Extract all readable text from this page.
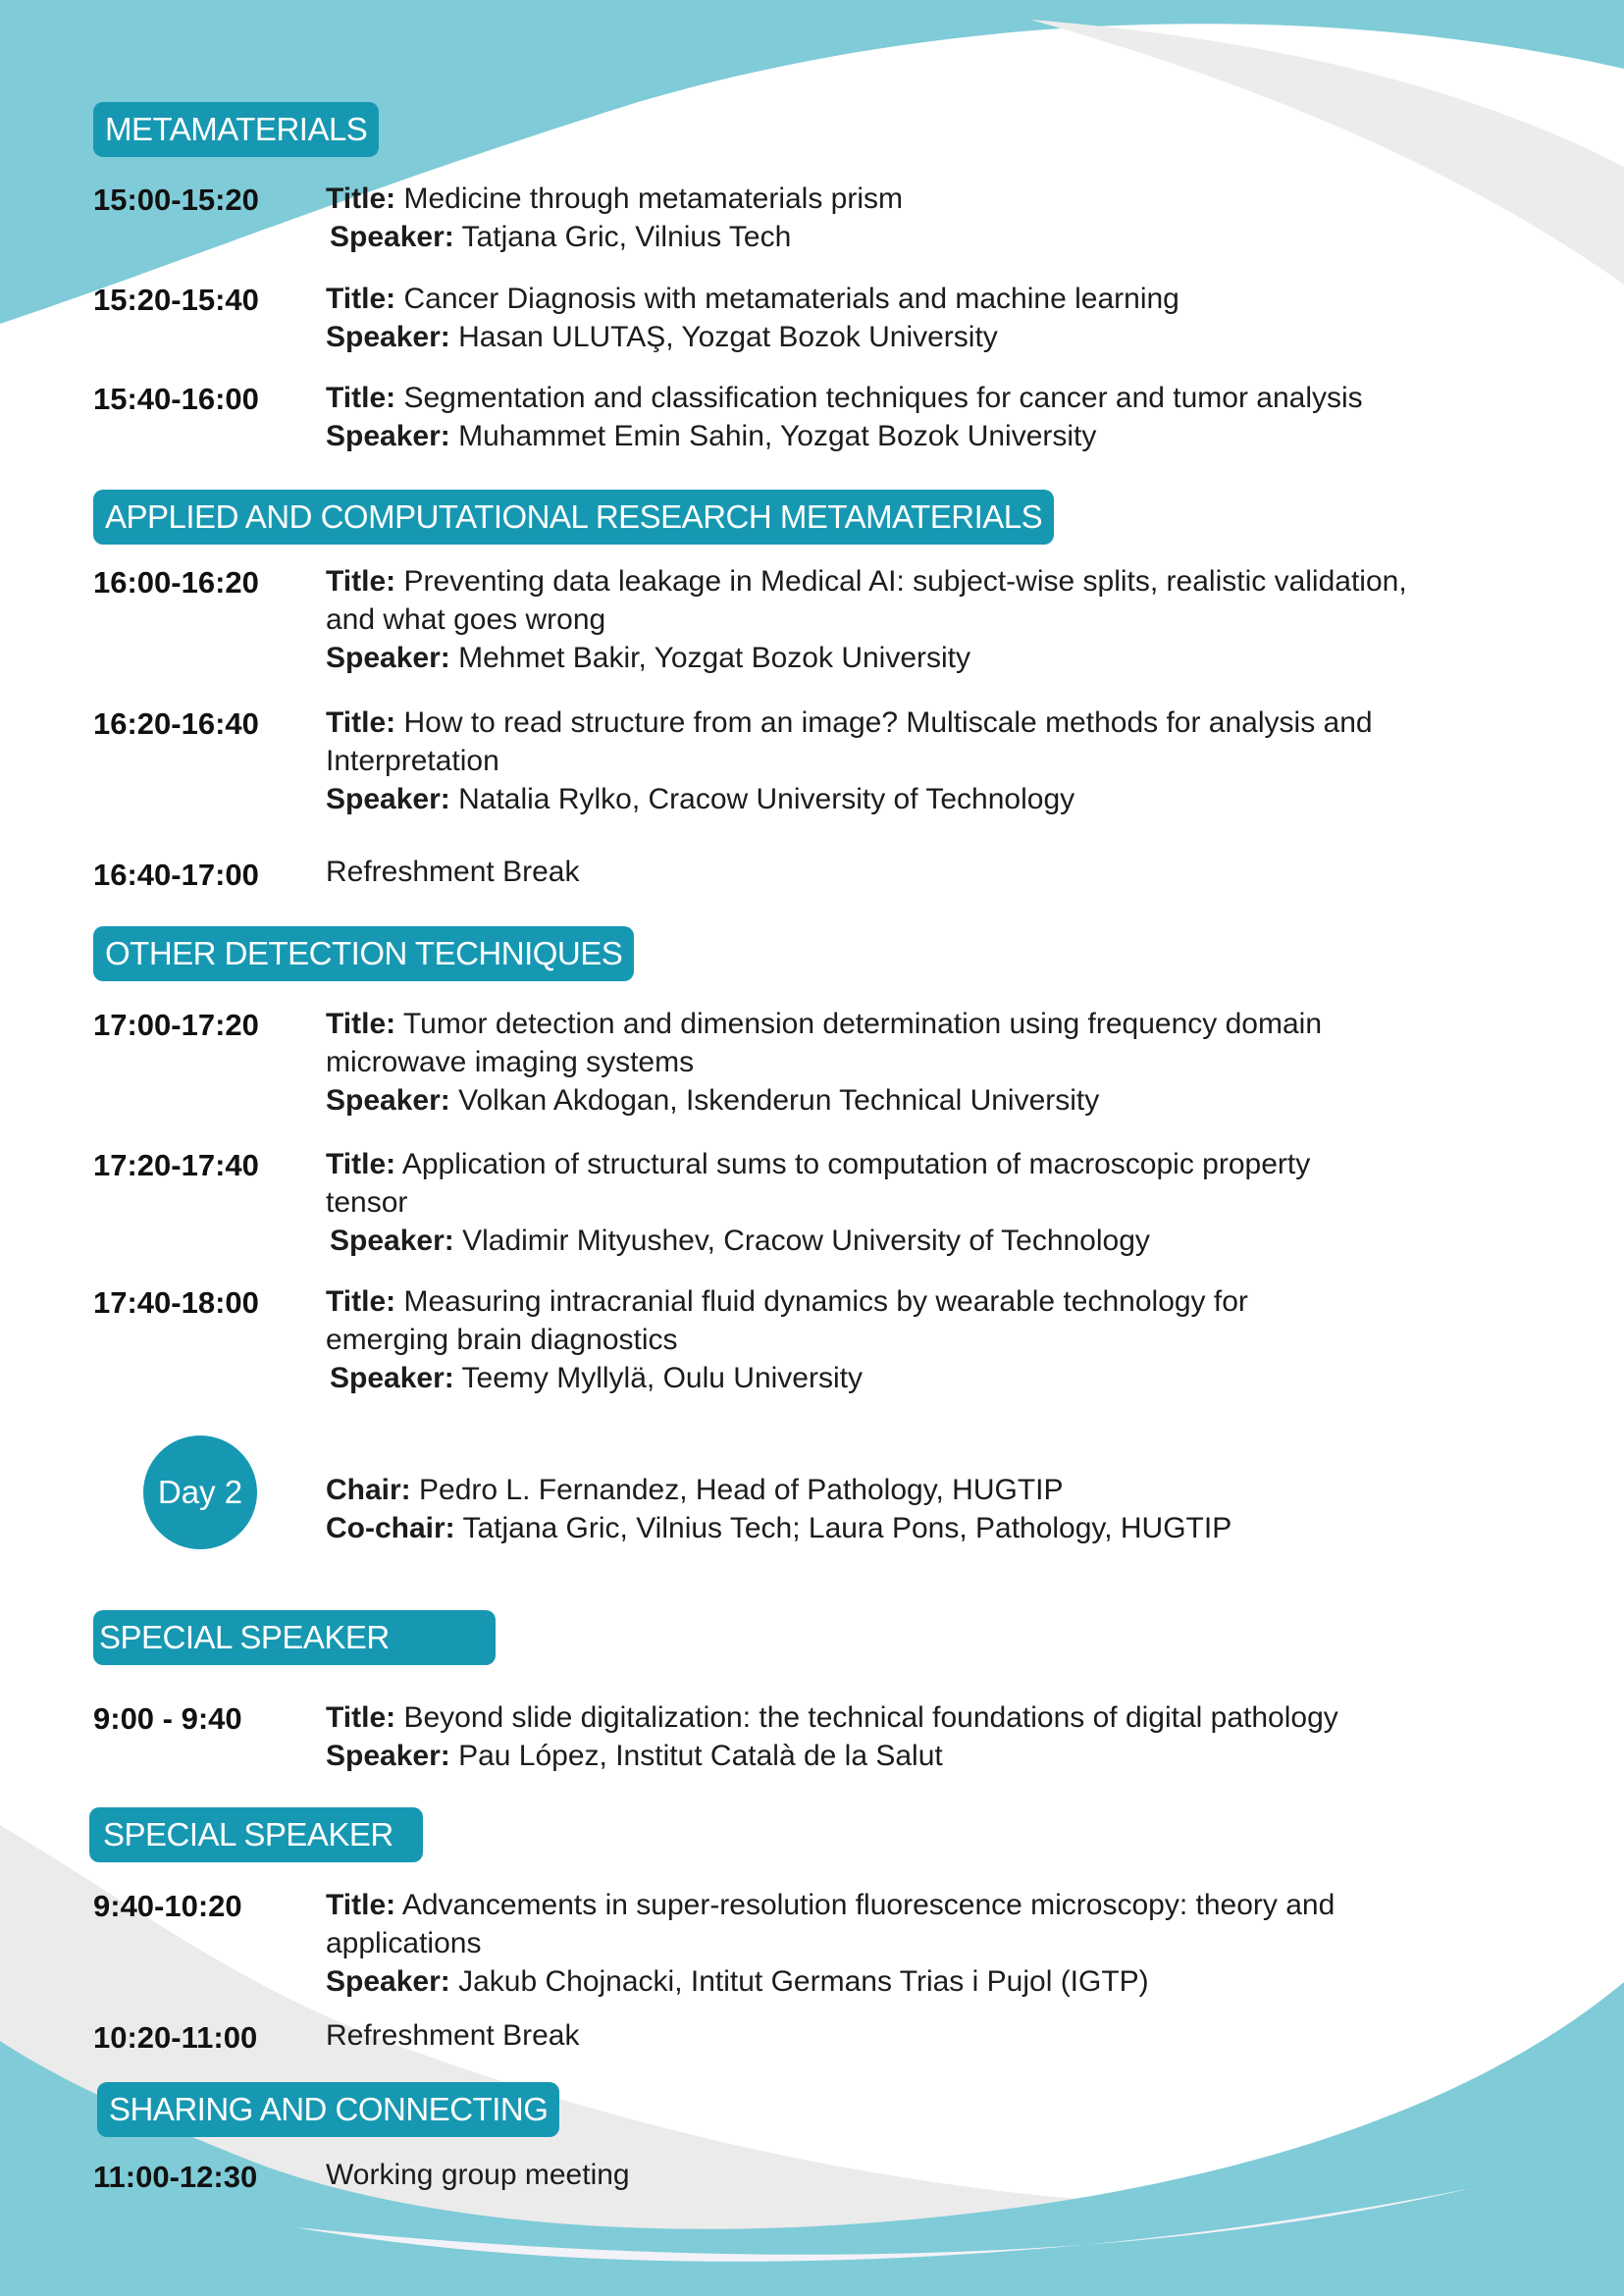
METAMATERIALS
15:00-15:20 Title: Medicine through metamaterials prism
Speaker: Tatjana Gric, Vilnius Tech
15:20-15:40 Title: Cancer Diagnosis with metamaterials and machine learning
Speaker: Hasan ULUTAŞ, Yozgat Bozok University
15:40-16:00 Title: Segmentation and classification techniques for cancer and tumor analysis
Speaker: Muhammet Emin Sahin, Yozgat Bozok University
APPLIED AND COMPUTATIONAL RESEARCH METAMATERIALS
16:00-16:20 Title: Preventing data leakage in Medical AI: subject-wise splits, realistic validation,
and what goes wrong
Speaker: Mehmet Bakir, Yozgat Bozok University
16:20-16:40 Title: How to read structure from an image? Multiscale methods for analysis and
Interpretation
Speaker: Natalia Rylko, Cracow University of Technology
16:40-17:00 Refreshment Break
OTHER DETECTION TECHNIQUES
17:00-17:20 Title: Tumor detection and dimension determination using frequency domain
microwave imaging systems
Speaker: Volkan Akdogan, Iskenderun Technical University
17:20-17:40 Title: Application of structural sums to computation of macroscopic property
tensor
Speaker: Vladimir Mityushev, Cracow University of Technology
17:40-18:00 Title: Measuring intracranial fluid dynamics by wearable technology for
emerging brain diagnostics
Speaker: Teemy Myllylä, Oulu University
Day 2	Chair: Pedro L. Fernandez, Head of Pathology, HUGTIP
Co-chair: Tatjana Gric, Vilnius Tech; Laura Pons, Pathology, HUGTIP
SPECIAL SPEAKER
9:00 - 9:40	Title: Beyond slide digitalization: the technical foundations of digital pathology
Speaker: Pau López, Institut Català de la Salut
SPECIAL SPEAKER
9:40-10:20	Title: Advancements in super-resolution fluorescence microscopy: theory and
applications
Speaker: Jakub Chojnacki, Intitut Germans Trias i Pujol (IGTP)
10:20-11:00 Refreshment Break
SHARING AND CONNECTING
11:00-12:30 Working group meeting
